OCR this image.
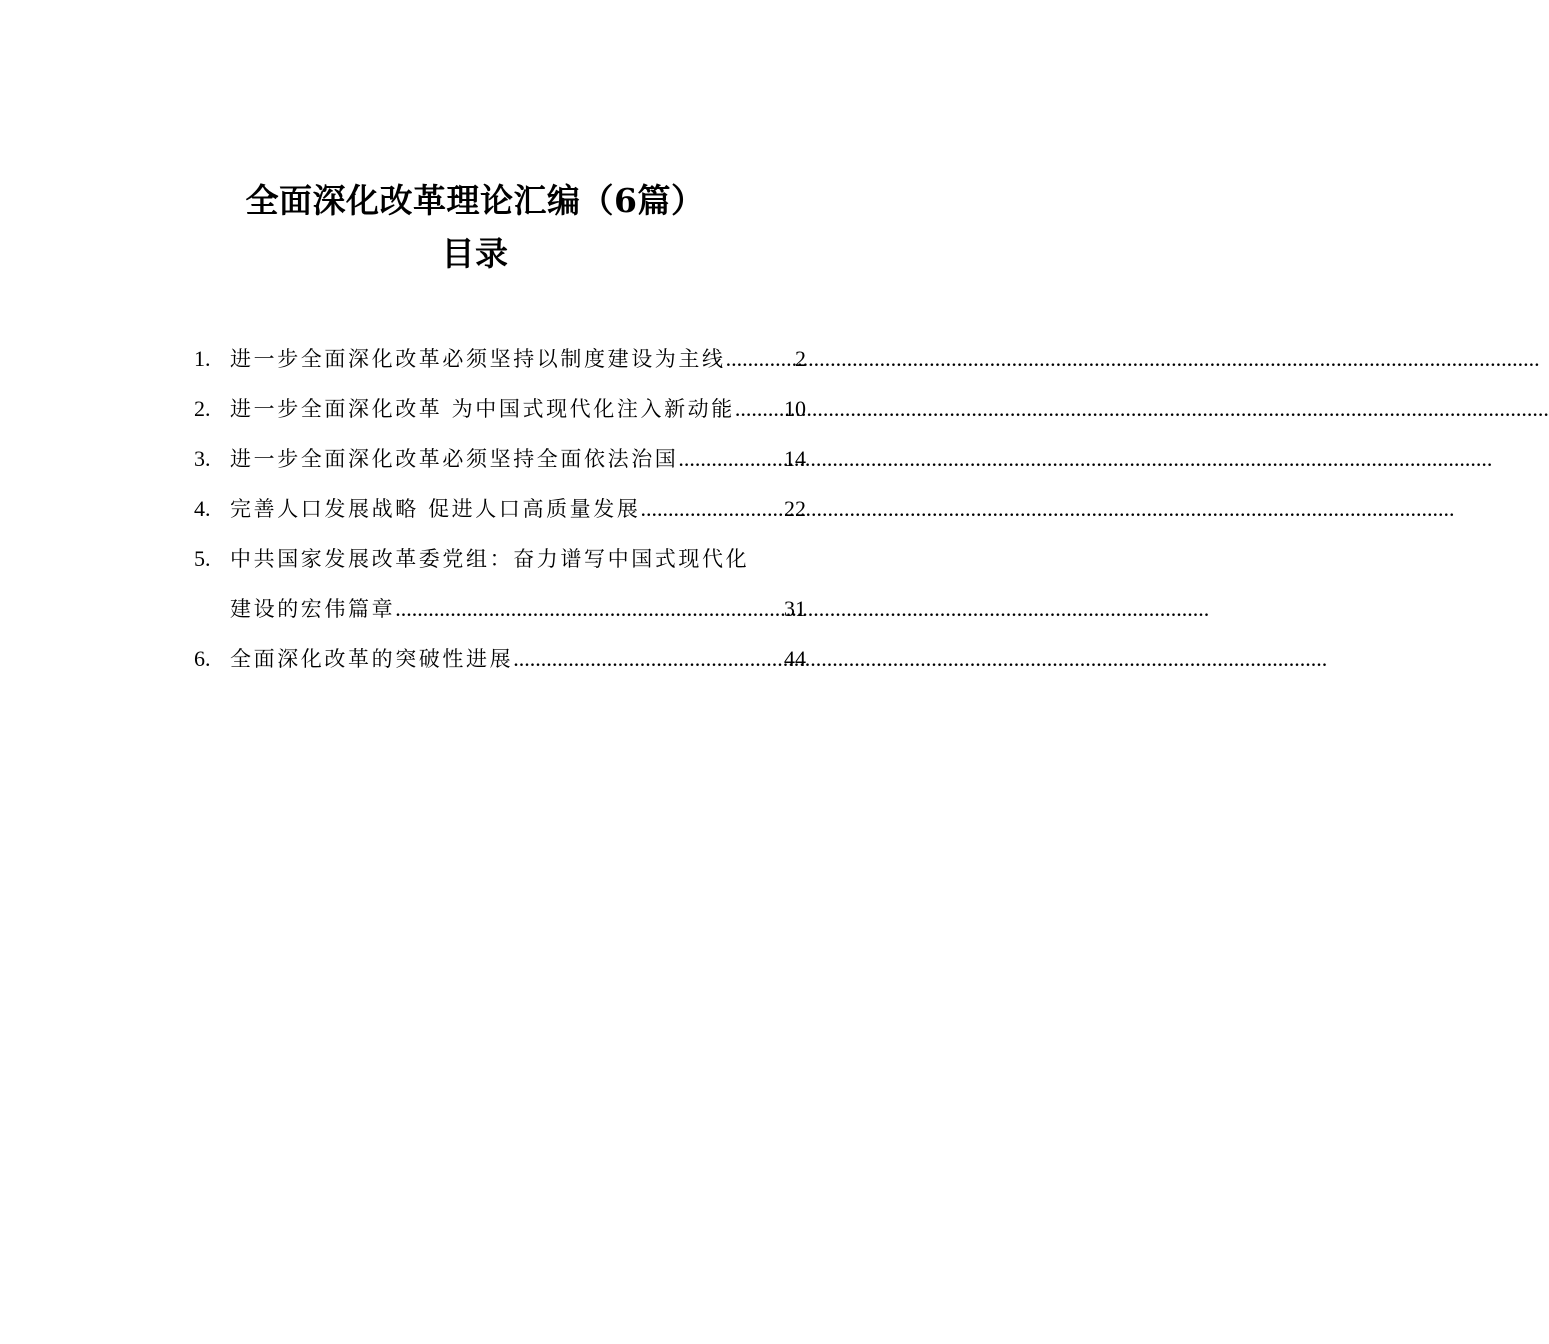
全面深化改革理论汇编（6篇）
目录
1. 进一步全面深化改革必须坚持以制度建设为主线 .....	2
2. 进一步全面深化改革 为中国式现代化注入新动能 ..... 10
3. 进一步全面深化改革必须坚持全面依法治国 .....	14
4. 完善人口发展战略 促进人口高质量发展 .....	22
5. 中共国家发展改革委党组：奋力谱写中国式现代化
建设的宏伟篇章 .....	31
6. 全面深化改革的突破性进展 .....	44
